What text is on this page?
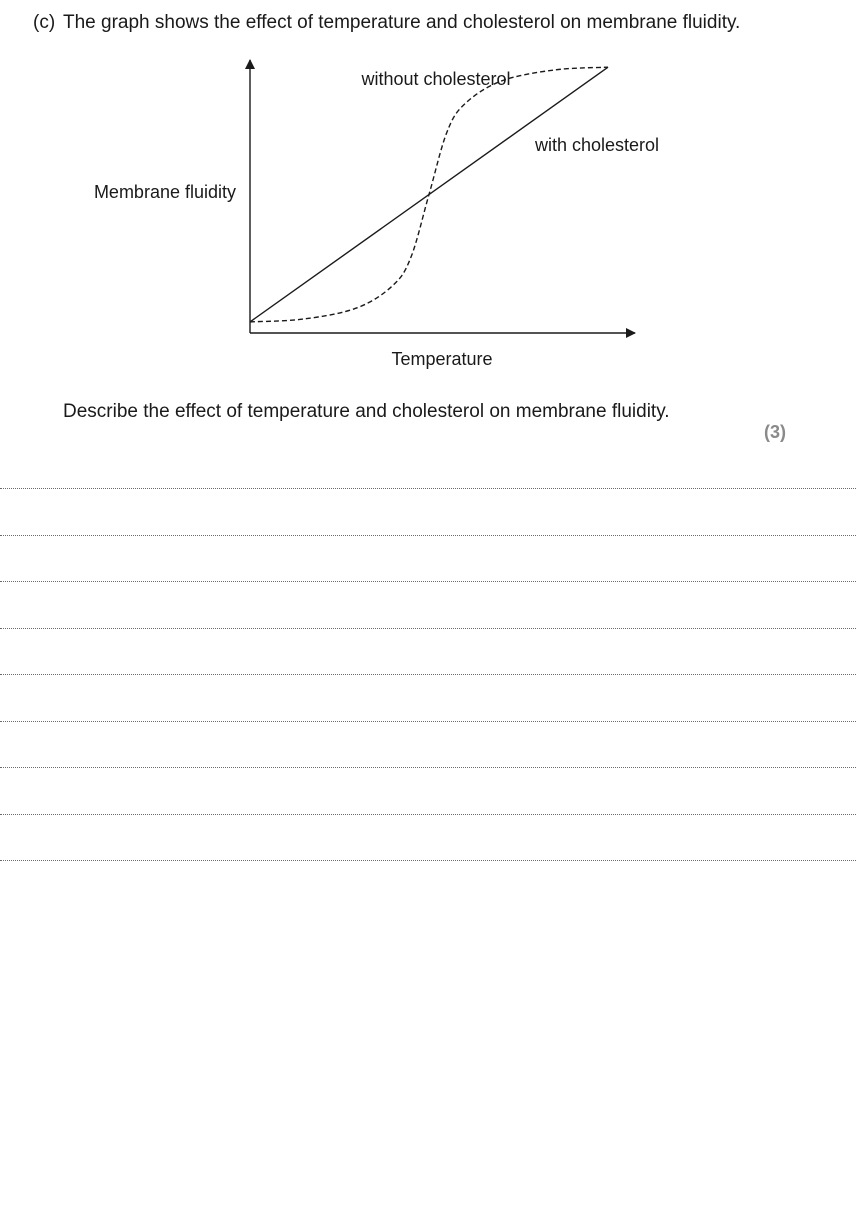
(c) The graph shows the effect of temperature and cholesterol on membrane fluidity.
without cholesterol
with cholesterol
Membrane fluidity
Temperature
Describe the effect of temperature and cholesterol on membrane fluidity.
(3)
